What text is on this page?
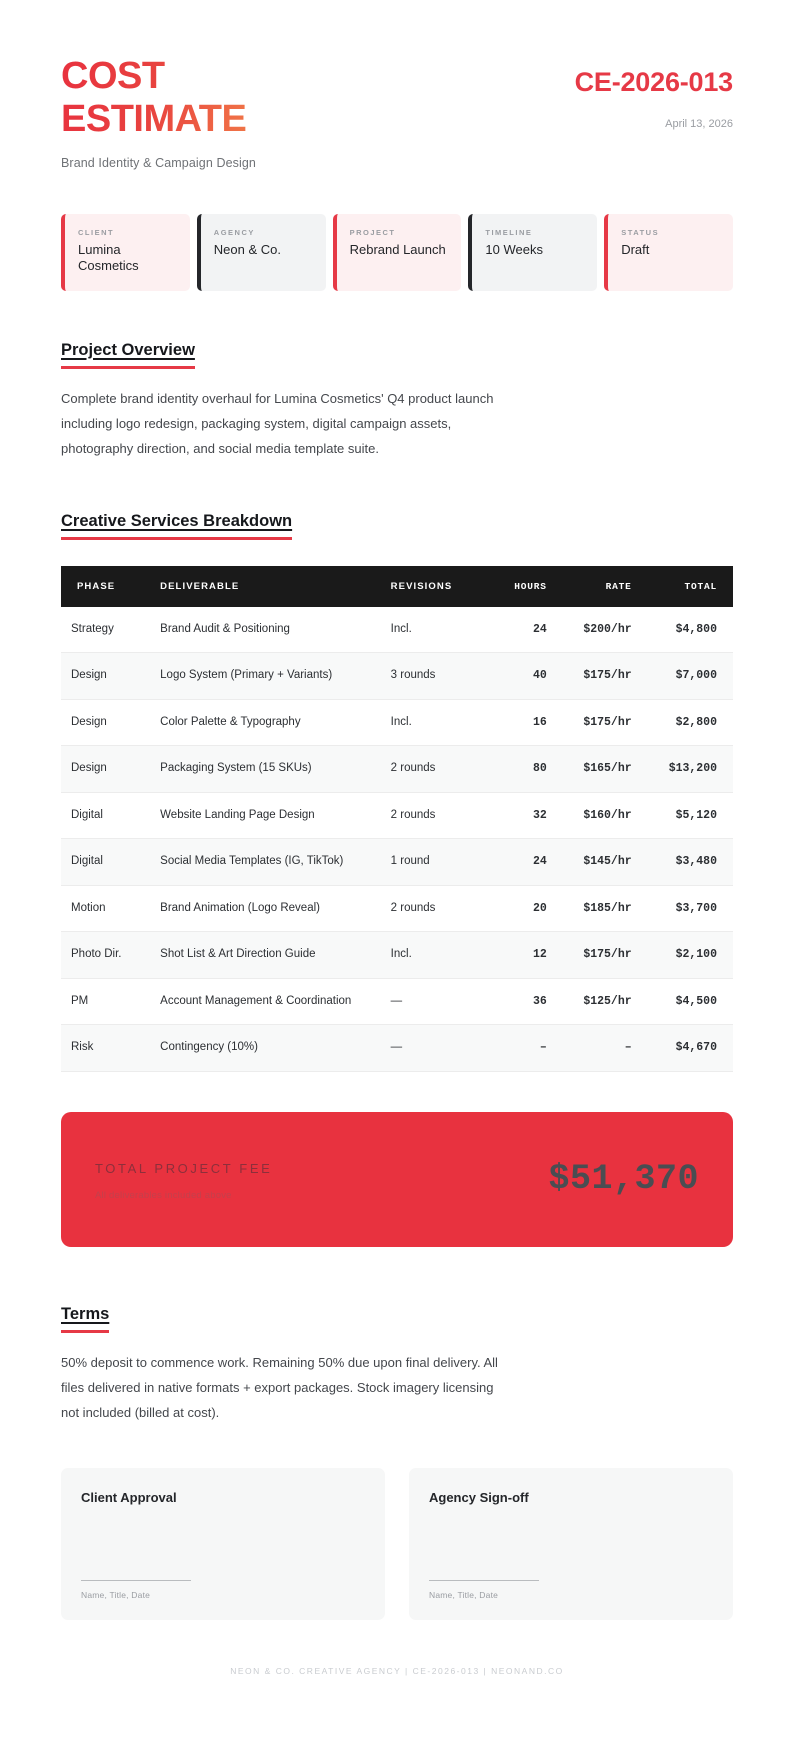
COST
ESTIMATE
Brand Identity & Campaign Design
CE-2026-013
April 13, 2026
CLIENT
Lumina Cosmetics
AGENCY
Neon & Co.
PROJECT
Rebrand Launch
TIMELINE
10 Weeks
STATUS
Draft
Project Overview

Complete brand identity overhaul for Lumina Cosmetics' Q4 product launch including logo redesign, packaging system, digital campaign assets, photography direction, and social media template suite.

Creative Services Breakdown
PHASE	DELIVERABLE	REVISIONS	HOURS	RATE	TOTAL
Strategy	Brand Audit & Positioning	Incl.	24	$200/hr	$4,800
Design	Logo System (Primary + Variants)	3 rounds	40	$175/hr	$7,000
Design	Color Palette & Typography	Incl.	16	$175/hr	$2,800
Design	Packaging System (15 SKUs)	2 rounds	80	$165/hr	$13,200
Digital	Website Landing Page Design	2 rounds	32	$160/hr	$5,120
Digital	Social Media Templates (IG, TikTok)	1 round	24	$145/hr	$3,480
Motion	Brand Animation (Logo Reveal)	2 rounds	20	$185/hr	$3,700
Photo Dir.	Shot List & Art Direction Guide	Incl.	12	$175/hr	$2,100
PM	Account Management & Coordination	—	36	$125/hr	$4,500
Risk	Contingency (10%)	—	–	–	$4,670
TOTAL PROJECT FEE
All deliverables included above	$51,370
Terms

50% deposit to commence work. Remaining 50% due upon final delivery. All files delivered in native formats + export packages. Stock imagery licensing not included (billed at cost).

Client Approval
Name, Title, Date
Agency Sign-off
Name, Title, Date
NEON & CO. CREATIVE AGENCY | CE-2026-013 | NEONAND.CO
